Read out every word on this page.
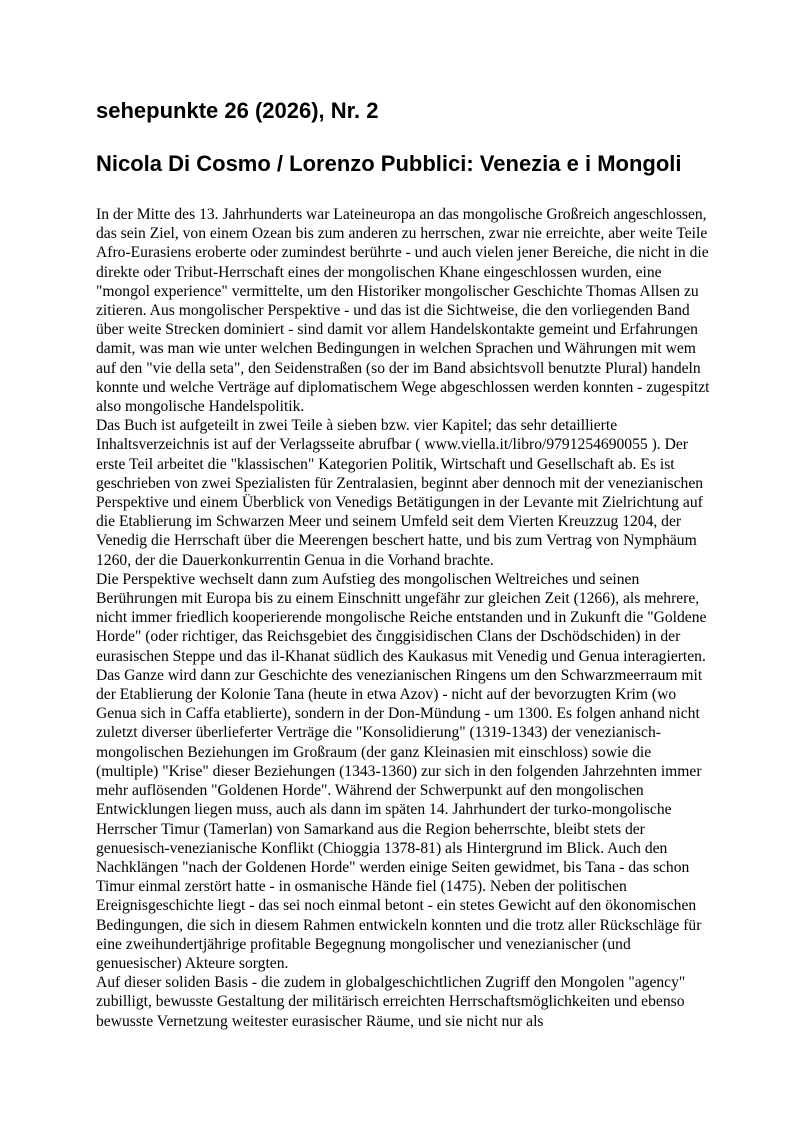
sehepunkte 26 (2026), Nr. 2
Nicola Di Cosmo / Lorenzo Pubblici: Venezia e i Mongoli

In der Mitte des 13. Jahrhunderts war Lateineuropa an das mongolische Großreich angeschlossen, das sein Ziel, von einem Ozean bis zum anderen zu herrschen, zwar nie erreichte, aber weite Teile Afro-Eurasiens eroberte oder zumindest berührte - und auch vielen jener Bereiche, die nicht in die direkte oder Tribut-Herrschaft eines der mongolischen Khane eingeschlossen wurden, eine "mongol experience" vermittelte, um den Historiker mongolischer Geschichte Thomas Allsen zu zitieren. Aus mongolischer Perspektive - und das ist die Sichtweise, die den vorliegenden Band über weite Strecken dominiert - sind damit vor allem Handelskontakte gemeint und Erfahrungen damit, was man wie unter welchen Bedingungen in welchen Sprachen und Währungen mit wem auf den "vie della seta", den Seidenstraßen (so der im Band absichtsvoll benutzte Plural) handeln konnte und welche Verträge auf diplomatischem Wege abgeschlossen werden konnten - zugespitzt also mongolische Handelspolitik.

Das Buch ist aufgeteilt in zwei Teile à sieben bzw. vier Kapitel; das sehr detaillierte Inhaltsverzeichnis ist auf der Verlagsseite abrufbar ( www.viella.it/libro/9791254690055 ). Der erste Teil arbeitet die "klassischen" Kategorien Politik, Wirtschaft und Gesellschaft ab. Es ist geschrieben von zwei Spezialisten für Zentralasien, beginnt aber dennoch mit der venezianischen Perspektive und einem Überblick von Venedigs Betätigungen in der Levante mit Zielrichtung auf die Etablierung im Schwarzen Meer und seinem Umfeld seit dem Vierten Kreuzzug 1204, der Venedig die Herrschaft über die Meerengen beschert hatte, und bis zum Vertrag von Nymphäum 1260, der die Dauerkonkurrentin Genua in die Vorhand brachte.

Die Perspektive wechselt dann zum Aufstieg des mongolischen Weltreiches und seinen Berührungen mit Europa bis zu einem Einschnitt ungefähr zur gleichen Zeit (1266), als mehrere, nicht immer friedlich kooperierende mongolische Reiche entstanden und in Zukunft die "Goldene Horde" (oder richtiger, das Reichsgebiet des čınggisidischen Clans der Dschödschiden) in der eurasischen Steppe und das il-Khanat südlich des Kaukasus mit Venedig und Genua interagierten.

Das Ganze wird dann zur Geschichte des venezianischen Ringens um den Schwarzmeerraum mit der Etablierung der Kolonie Tana (heute in etwa Azov) - nicht auf der bevorzugten Krim (wo Genua sich in Caffa etablierte), sondern in der Don-Mündung - um 1300. Es folgen anhand nicht zuletzt diverser überlieferter Verträge die "Konsolidierung" (1319-1343) der venezianisch-mongolischen Beziehungen im Großraum (der ganz Kleinasien mit einschloss) sowie die (multiple) "Krise" dieser Beziehungen (1343-1360) zur sich in den folgenden Jahrzehnten immer mehr auflösenden "Goldenen Horde". Während der Schwerpunkt auf den mongolischen Entwicklungen liegen muss, auch als dann im späten 14. Jahrhundert der turko-mongolische Herrscher Timur (Tamerlan) von Samarkand aus die Region beherrschte, bleibt stets der genuesisch-venezianische Konflikt (Chioggia 1378-81) als Hintergrund im Blick. Auch den Nachklängen "nach der Goldenen Horde" werden einige Seiten gewidmet, bis Tana - das schon Timur einmal zerstört hatte - in osmanische Hände fiel (1475). Neben der politischen Ereignisgeschichte liegt - das sei noch einmal betont - ein stetes Gewicht auf den ökonomischen Bedingungen, die sich in diesem Rahmen entwickeln konnten und die trotz aller Rückschläge für eine zweihundertjährige profitable Begegnung mongolischer und venezianischer (und genuesischer) Akteure sorgten.

Auf dieser soliden Basis - die zudem in globalgeschichtlichen Zugriff den Mongolen "agency" zubilligt, bewusste Gestaltung der militärisch erreichten Herrschaftsmöglichkeiten und ebenso bewusste Vernetzung weitester eurasischer Räume, und sie nicht nur als
